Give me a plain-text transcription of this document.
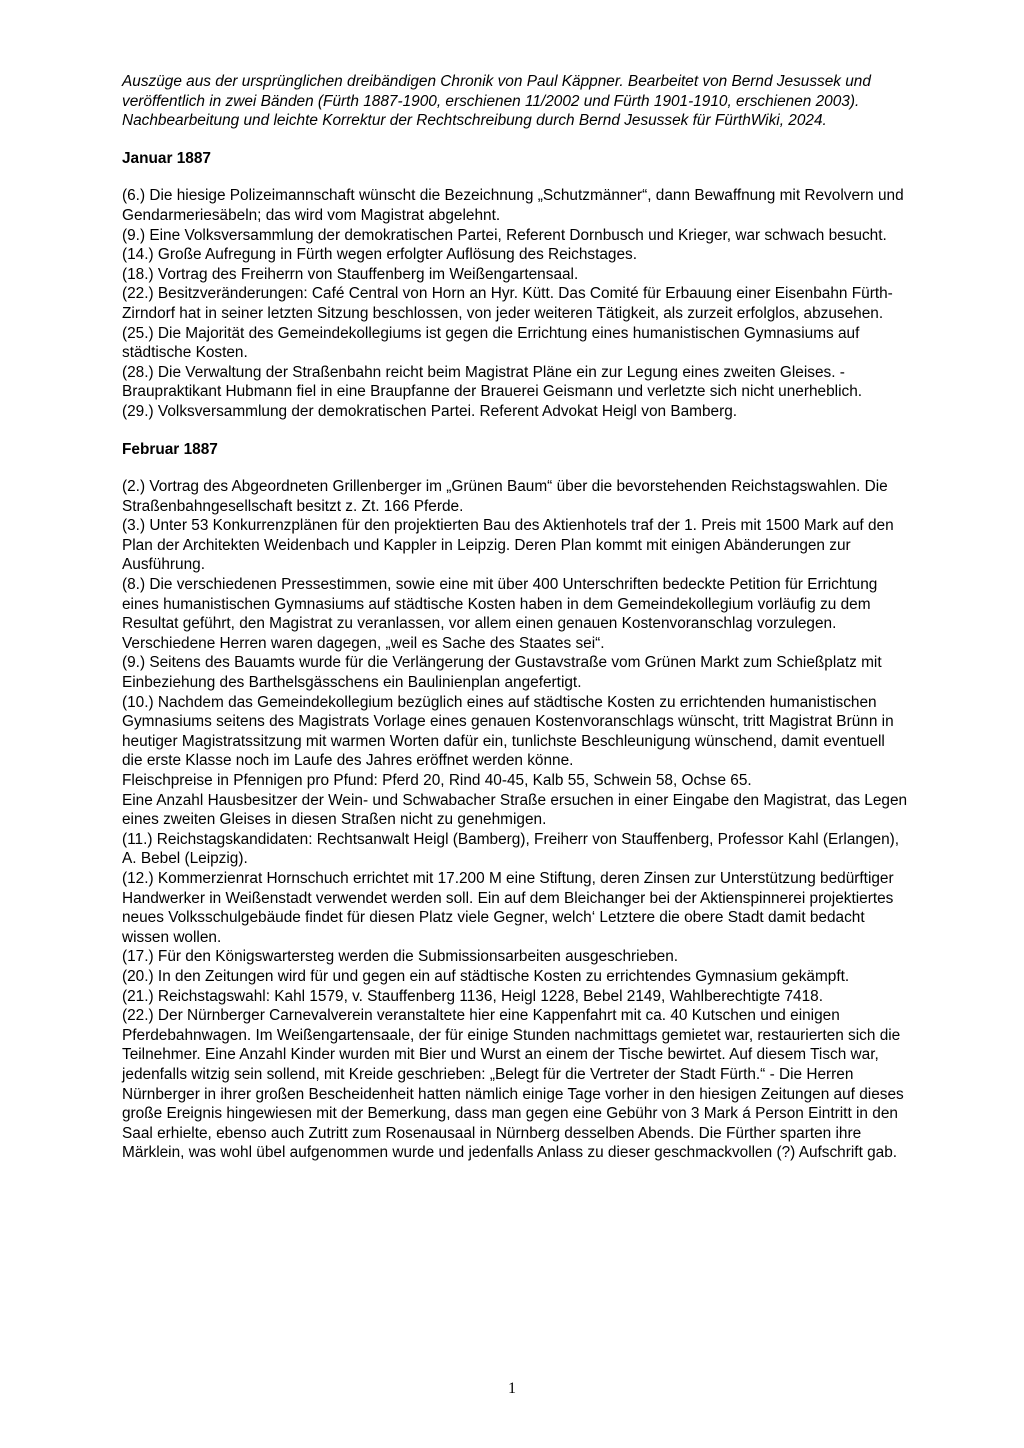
Auszüge aus der ursprünglichen dreibändigen Chronik von Paul Käppner. Bearbeitet von Bernd Jesussek und veröffentlich in zwei Bänden (Fürth 1887-1900, erschienen 11/2002 und Fürth 1901-1910, erschienen 2003).

Nachbearbeitung und leichte Korrektur der Rechtschreibung durch Bernd Jesussek für FürthWiki, 2024.

Januar 1887

(6.) Die hiesige Polizeimannschaft wünscht die Bezeichnung „Schutzmänner“, dann Bewaffnung mit Revolvern und Gendarmeriesäbeln; das wird vom Magistrat abgelehnt.

(9.) Eine Volksversammlung der demokratischen Partei, Referent Dornbusch und Krieger, war schwach besucht.

(14.) Große Aufregung in Fürth wegen erfolgter Auflösung des Reichstages.

(18.) Vortrag des Freiherrn von Stauffenberg im Weißengartensaal.

(22.) Besitzveränderungen: Café Central von Horn an Hyr. Kütt. Das Comité für Erbauung einer Eisenbahn Fürth-Zirndorf hat in seiner letzten Sitzung beschlossen, von jeder weiteren Tätigkeit, als zurzeit erfolglos, abzusehen.

(25.) Die Majorität des Gemeindekollegiums ist gegen die Errichtung eines humanistischen Gymnasiums auf städtische Kosten.

(28.) Die Verwaltung der Straßenbahn reicht beim Magistrat Pläne ein zur Legung eines zweiten Gleises. - Braupraktikant Hubmann fiel in eine Braupfanne der Brauerei Geismann und verletzte sich nicht unerheblich.

(29.) Volksversammlung der demokratischen Partei. Referent Advokat Heigl von Bamberg.

Februar 1887

(2.) Vortrag des Abgeordneten Grillenberger im „Grünen Baum“ über die bevorstehenden Reichstagswahlen. Die Straßenbahngesellschaft besitzt z. Zt. 166 Pferde.

(3.) Unter 53 Konkurrenzplänen für den projektierten Bau des Aktienhotels traf der 1. Preis mit 1500 Mark auf den Plan der Architekten Weidenbach und Kappler in Leipzig. Deren Plan kommt mit einigen Abänderungen zur Ausführung.

(8.) Die verschiedenen Pressestimmen, sowie eine mit über 400 Unterschriften bedeckte Petition für Errichtung eines humanistischen Gymnasiums auf städtische Kosten haben in dem Gemeindekollegium vorläufig zu dem Resultat geführt, den Magistrat zu veranlassen, vor allem einen genauen Kostenvoranschlag vorzulegen. Verschiedene Herren waren dagegen, „weil es Sache des Staates sei“.

(9.) Seitens des Bauamts wurde für die Verlängerung der Gustavstraße vom Grünen Markt zum Schießplatz mit Einbeziehung des Barthelsgässchens ein Baulinienplan angefertigt.

(10.) Nachdem das Gemeindekollegium bezüglich eines auf städtische Kosten zu errichtenden humanistischen Gymnasiums seitens des Magistrats Vorlage eines genauen Kostenvoranschlags wünscht, tritt Magistrat Brünn in heutiger Magistratssitzung mit warmen Worten dafür ein, tunlichste Beschleunigung wünschend, damit eventuell die erste Klasse noch im Laufe des Jahres eröffnet werden könne.

Fleischpreise in Pfennigen pro Pfund: Pferd 20, Rind 40-45, Kalb 55, Schwein 58, Ochse 65.

Eine Anzahl Hausbesitzer der Wein- und Schwabacher Straße ersuchen in einer Eingabe den Magistrat, das Legen eines zweiten Gleises in diesen Straßen nicht zu genehmigen.

(11.) Reichstagskandidaten: Rechtsanwalt Heigl (Bamberg), Freiherr von Stauffenberg, Professor Kahl (Erlangen), A. Bebel (Leipzig).

(12.) Kommerzienrat Hornschuch errichtet mit 17.200 M eine Stiftung, deren Zinsen zur Unterstützung bedürftiger Handwerker in Weißenstadt verwendet werden soll. Ein auf dem Bleichanger bei der Aktienspinnerei projektiertes neues Volksschulgebäude findet für diesen Platz viele Gegner, welch‘ Letztere die obere Stadt damit bedacht wissen wollen.

(17.) Für den Königswartersteg werden die Submissionsarbeiten ausgeschrieben.

(20.) In den Zeitungen wird für und gegen ein auf städtische Kosten zu errichtendes Gymnasium gekämpft.

(21.) Reichstagswahl: Kahl 1579, v. Stauffenberg 1136, Heigl 1228, Bebel 2149, Wahlberechtigte 7418.

(22.) Der Nürnberger Carnevalverein veranstaltete hier eine Kappenfahrt mit ca. 40 Kutschen und einigen Pferdebahnwagen. Im Weißengartensaale, der für einige Stunden nachmittags gemietet war, restaurierten sich die Teilnehmer. Eine Anzahl Kinder wurden mit Bier und Wurst an einem der Tische bewirtet. Auf diesem Tisch war, jedenfalls witzig sein sollend, mit Kreide geschrieben: „Belegt für die Vertreter der Stadt Fürth.“ - Die Herren Nürnberger in ihrer großen Bescheidenheit hatten nämlich einige Tage vorher in den hiesigen Zeitungen auf dieses große Ereignis hingewiesen mit der Bemerkung, dass man gegen eine Gebühr von 3 Mark á Person Eintritt in den Saal erhielte, ebenso auch Zutritt zum Rosenausaal in Nürnberg desselben Abends. Die Fürther sparten ihre Märklein, was wohl übel aufgenommen wurde und jedenfalls Anlass zu dieser geschmackvollen (?) Aufschrift gab.

1
